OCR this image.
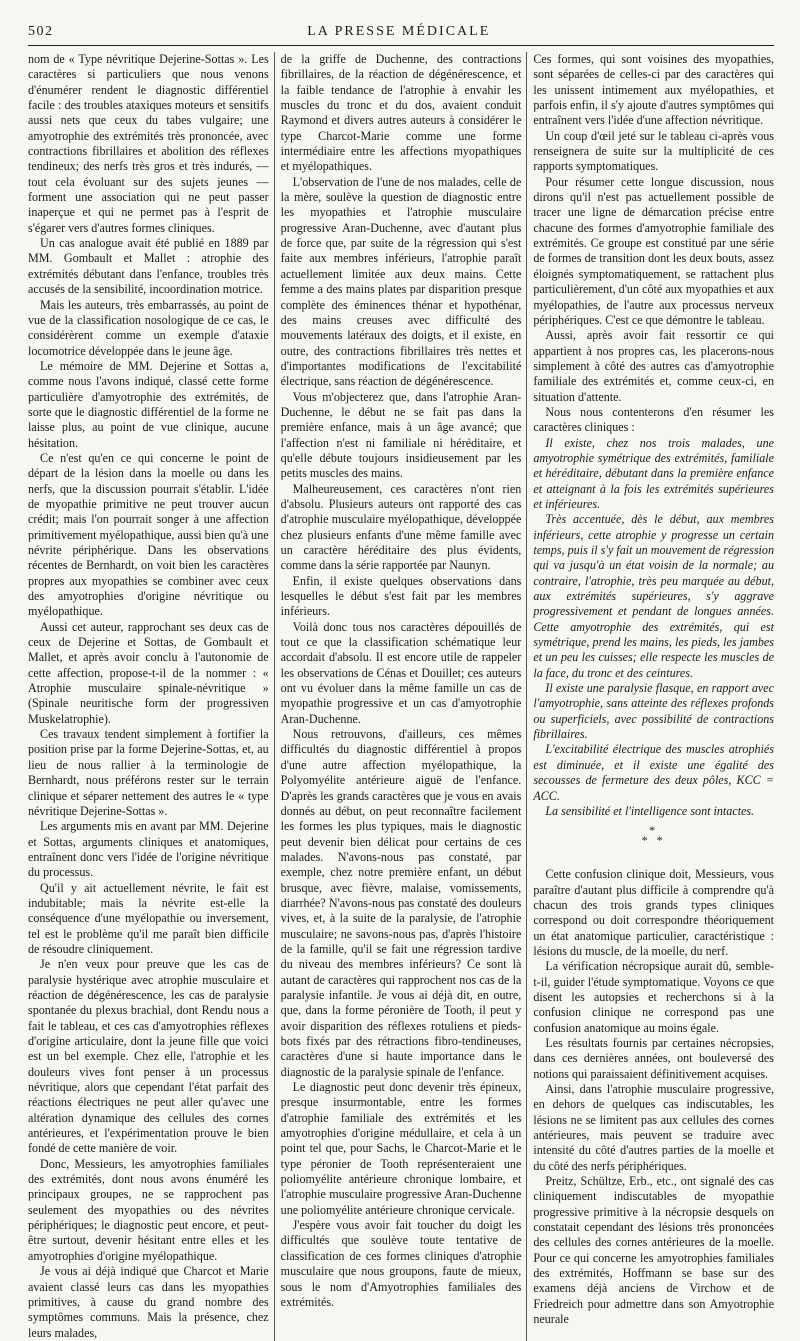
502	LA PRESSE MÉDICALE

nom de « Type névritique Dejerine-Sottas ». Les caractères si particuliers que nous venons d'énumérer rendent le diagnostic différentiel facile : des troubles ataxiques moteurs et sensitifs aussi nets que ceux du tabes vulgaire; une amyotrophie des extrémités très prononcée, avec contractions fibrillaires et abolition des réflexes tendineux; des nerfs très gros et très indurés, — tout cela évoluant sur des sujets jeunes — forment une association qui ne peut passer inaperçue et qui ne permet pas à l'esprit de s'égarer vers d'autres formes cliniques.

Un cas analogue avait été publié en 1889 par MM. Gombault et Mallet : atrophie des extrémités débutant dans l'enfance, troubles très accusés de la sensibilité, incoordination motrice.

Mais les auteurs, très embarrassés, au point de vue de la classification nosologique de ce cas, le considérèrent comme un exemple d'ataxie locomotrice développée dans le jeune âge.

Le mémoire de MM. Dejerine et Sottas a, comme nous l'avons indiqué, classé cette forme particulière d'amyotrophie des extrémités, de sorte que le diagnostic différentiel de la forme ne laisse plus, au point de vue clinique, aucune hésitation.

Ce n'est qu'en ce qui concerne le point de départ de la lésion dans la moelle ou dans les nerfs, que la discussion pourrait s'établir. L'idée de myopathie primitive ne peut trouver aucun crédit; mais l'on pourrait songer à une affection primitivement myélopathique, aussi bien qu'à une névrite périphérique. Dans les observations récentes de Bernhardt, on voit bien les caractères propres aux myopathies se combiner avec ceux des amyotrophies d'origine névritique ou myélopathique.

Aussi cet auteur, rapprochant ses deux cas de ceux de Dejerine et Sottas, de Gombault et Mallet, et après avoir conclu à l'autonomie de cette affection, propose-t-il de la nommer : « Atrophie musculaire spinale-névritique » (Spinale neuritische form der progressiven Muskelatrophie).

Ces travaux tendent simplement à fortifier la position prise par la forme Dejerine-Sottas, et, au lieu de nous rallier à la terminologie de Bernhardt, nous préférons rester sur le terrain clinique et séparer nettement des autres le « type névritique Dejerine-Sottas ».

Les arguments mis en avant par MM. Dejerine et Sottas, arguments cliniques et anatomiques, entraînent donc vers l'idée de l'origine névritique du processus.

Qu'il y ait actuellement névrite, le fait est indubitable; mais la névrite est-elle la conséquence d'une myélopathie ou inversement, tel est le problème qu'il me paraît bien difficile de résoudre cliniquement.

Je n'en veux pour preuve que les cas de paralysie hystérique avec atrophie musculaire et réaction de dégénérescence, les cas de paralysie spontanée du plexus brachial, dont Rendu nous a fait le tableau, et ces cas d'amyotrophies réflexes d'origine articulaire, dont la jeune fille que voici est un bel exemple. Chez elle, l'atrophie et les douleurs vives font penser à un processus névritique, alors que cependant l'état parfait des réactions électriques ne peut aller qu'avec une altération dynamique des cellules des cornes antérieures, et l'expérimentation prouve le bien fondé de cette manière de voir.

Donc, Messieurs, les amyotrophies familiales des extrémités, dont nous avons énuméré les principaux groupes, ne se rapprochent pas seulement des myopathies ou des névrites périphériques; le diagnostic peut encore, et peut-être surtout, devenir hésitant entre elles et les amyotrophies d'origine myélopathique.

Je vous ai déjà indiqué que Charcot et Marie avaient classé leurs cas dans les myopathies primitives, à cause du grand nombre des symptômes communs. Mais la présence, chez leurs malades,

de la griffe de Duchenne, des contractions fibrillaires, de la réaction de dégénérescence, et la faible tendance de l'atrophie à envahir les muscles du tronc et du dos, avaient conduit Raymond et divers autres auteurs à considérer le type Charcot-Marie comme une forme intermédiaire entre les affections myopathiques et myélopathiques.

L'observation de l'une de nos malades, celle de la mère, soulève la question de diagnostic entre les myopathies et l'atrophie musculaire progressive Aran-Duchenne, avec d'autant plus de force que, par suite de la régression qui s'est faite aux membres inférieurs, l'atrophie paraît actuellement limitée aux deux mains. Cette femme a des mains plates par disparition presque complète des éminences thénar et hypothénar, des mains creuses avec difficulté des mouvements latéraux des doigts, et il existe, en outre, des contractions fibrillaires très nettes et d'importantes modifications de l'excitabilité électrique, sans réaction de dégénérescence.

Vous m'objecterez que, dans l'atrophie Aran-Duchenne, le début ne se fait pas dans la première enfance, mais à un âge avancé; que l'affection n'est ni familiale ni héréditaire, et qu'elle débute toujours insidieusement par les petits muscles des mains.

Malheureusement, ces caractères n'ont rien d'absolu. Plusieurs auteurs ont rapporté des cas d'atrophie musculaire myélopathique, développée chez plusieurs enfants d'une même famille avec un caractère héréditaire des plus évidents, comme dans la série rapportée par Naunyn.

Enfin, il existe quelques observations dans lesquelles le début s'est fait par les membres inférieurs.

Voilà donc tous nos caractères dépouillés de tout ce que la classification schématique leur accordait d'absolu. Il est encore utile de rappeler les observations de Cénas et Douillet; ces auteurs ont vu évoluer dans la même famille un cas de myopathie progressive et un cas d'amyotrophie Aran-Duchenne.

Nous retrouvons, d'ailleurs, ces mêmes difficultés du diagnostic différentiel à propos d'une autre affection myélopathique, la Polyomyélite antérieure aiguë de l'enfance. D'après les grands caractères que je vous en avais donnés au début, on peut reconnaître facilement les formes les plus typiques, mais le diagnostic peut devenir bien délicat pour certains de ces malades. N'avons-nous pas constaté, par exemple, chez notre première enfant, un début brusque, avec fièvre, malaise, vomissements, diarrhée? N'avons-nous pas constaté des douleurs vives, et, à la suite de la paralysie, de l'atrophie musculaire; ne savons-nous pas, d'après l'histoire de la famille, qu'il se fait une régression tardive du niveau des membres inférieurs? Ce sont là autant de caractères qui rapprochent nos cas de la paralysie infantile. Je vous ai déjà dit, en outre, que, dans la forme péronière de Tooth, il peut y avoir disparition des réflexes rotuliens et pieds-bots fixés par des rétractions fibro-tendineuses, caractères d'une si haute importance dans le diagnostic de la paralysie spinale de l'enfance.

Le diagnostic peut donc devenir très épineux, presque insurmontable, entre les formes d'atrophie familiale des extrémités et les amyotrophies d'origine médullaire, et cela à un point tel que, pour Sachs, le Charcot-Marie et le type péronier de Tooth représenteraient une poliomyélite antérieure chronique lombaire, et l'atrophie musculaire progressive Aran-Duchenne une poliomyélite antérieure chronique cervicale.

J'espère vous avoir fait toucher du doigt les difficultés que soulève toute tentative de classification de ces formes cliniques d'atrophie musculaire que nous groupons, faute de mieux, sous le nom d'Amyotrophies familiales des extrémités.

Ces formes, qui sont voisines des myopathies, sont séparées de celles-ci par des caractères qui les unissent intimement aux myélopathies, et parfois enfin, il s'y ajoute d'autres symptômes qui entraînent vers l'idée d'une affection névritique.

Un coup d'œil jeté sur le tableau ci-après vous renseignera de suite sur la multiplicité de ces rapports symptomatiques.

Pour résumer cette longue discussion, nous dirons qu'il n'est pas actuellement possible de tracer une ligne de démarcation précise entre chacune des formes d'amyotrophie familiale des extrémités. Ce groupe est constitué par une série de formes de transition dont les deux bouts, assez éloignés symptomatiquement, se rattachent plus particulièrement, d'un côté aux myopathies et aux myélopathies, de l'autre aux processus nerveux périphériques. C'est ce que démontre le tableau.

Aussi, après avoir fait ressortir ce qui appartient à nos propres cas, les placerons-nous simplement à côté des autres cas d'amyotrophie familiale des extrémités et, comme ceux-ci, en situation d'attente.

Nous nous contenterons d'en résumer les caractères cliniques :

Il existe, chez nos trois malades, une amyotrophie symétrique des extrémités, familiale et héréditaire, débutant dans la première enfance et atteignant à la fois les extrémités supérieures et inférieures.

Très accentuée, dès le début, aux membres inférieurs, cette atrophie y progresse un certain temps, puis il s'y fait un mouvement de régression qui va jusqu'à un état voisin de la normale; au contraire, l'atrophie, très peu marquée au début, aux extrémités supérieures, s'y aggrave progressivement et pendant de longues années. Cette amyotrophie des extrémités, qui est symétrique, prend les mains, les pieds, les jambes et un peu les cuisses; elle respecte les muscles de la face, du tronc et des ceintures.

Il existe une paralysie flasque, en rapport avec l'amyotrophie, sans atteinte des réflexes profonds ou superficiels, avec possibilité de contractions fibrillaires.

L'excitabilité électrique des muscles atrophiés est diminuée, et il existe une égalité des secousses de fermeture des deux pôles, KCC = ACC.

La sensibilité et l'intelligence sont intactes.

*
* *

Cette confusion clinique doit, Messieurs, vous paraître d'autant plus difficile à comprendre qu'à chacun des trois grands types cliniques correspond ou doit correspondre théoriquement un état anatomique particulier, caractéristique : lésions du muscle, de la moelle, du nerf.

La vérification nécropsique aurait dû, semble-t-il, guider l'étude symptomatique. Voyons ce que disent les autopsies et recherchons si à la confusion clinique ne correspond pas une confusion anatomique au moins égale.

Les résultats fournis par certaines nécropsies, dans ces dernières années, ont bouleversé des notions qui paraissaient définitivement acquises.

Ainsi, dans l'atrophie musculaire progressive, en dehors de quelques cas indiscutables, les lésions ne se limitent pas aux cellules des cornes antérieures, mais peuvent se traduire avec intensité du côté d'autres parties de la moelle et du côté des nerfs périphériques.

Preitz, Schültze, Erb., etc., ont signalé des cas cliniquement indiscutables de myopathie progressive primitive à la nécropsie desquels on constatait cependant des lésions très prononcées des cellules des cornes antérieures de la moelle. Pour ce qui concerne les amyotrophies familiales des extrémités, Hoffmann se base sur des examens déjà anciens de Virchow et de Friedreich pour admettre dans son Amyotrophie neurale
